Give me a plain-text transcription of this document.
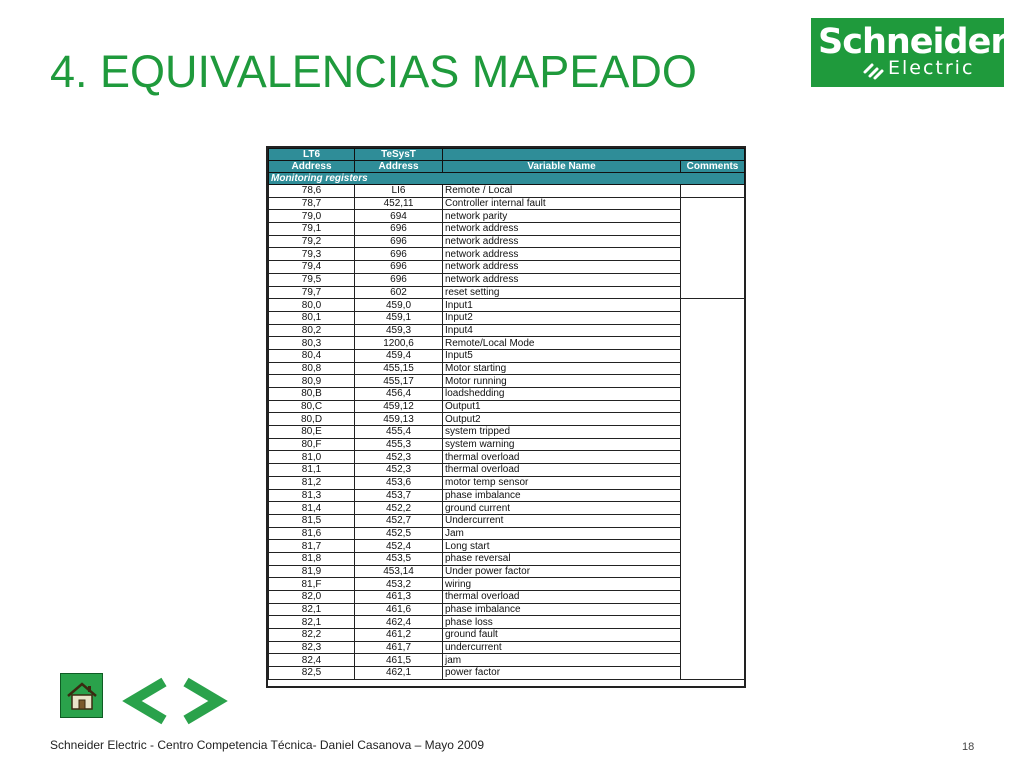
4. EQUIVALENCIAS MAPEADO
Schneider
Electric
LT6	TeSysT		
Address	Address	Variable Name	Comments
Monitoring registers			
78,6	LI6	Remote / Local	
78,7	452,11	Controller internal fault	
79,0	694	network parity	
79,1	696	network address	
79,2	696	network address	
79,3	696	network address	
79,4	696	network address	
79,5	696	network address	
79,7	602	reset setting	
80,0	459,0	Input1	
80,1	459,1	Input2	
80,2	459,3	Input4	
80,3	1200,6	Remote/Local Mode	
80,4	459,4	Input5	
80,8	455,15	Motor starting	
80,9	455,17	Motor running	
80,B	456,4	loadshedding	
80,C	459,12	Output1	
80,D	459,13	Output2	
80,E	455,4	system tripped	
80,F	455,3	system warning	
81,0	452,3	thermal overload	
81,1	452,3	thermal overload	
81,2	453,6	motor temp sensor	
81,3	453,7	phase imbalance	
81,4	452,2	ground current	
81,5	452,7	Undercurrent	
81,6	452,5	Jam	
81,7	452,4	Long start	
81,8	453,5	phase reversal	
81,9	453,14	Under power factor	
81,F	453,2	wiring	
82,0	461,3	thermal overload	
82,1	461,6	phase imbalance	
82,1	462,4	phase loss	
82,2	461,2	ground fault	
82,3	461,7	undercurrent	
82,4	461,5	jam	
82,5	462,1	power factor	
Schneider Electric - Centro Competencia Técnica- Daniel Casanova – Mayo 2009	18
